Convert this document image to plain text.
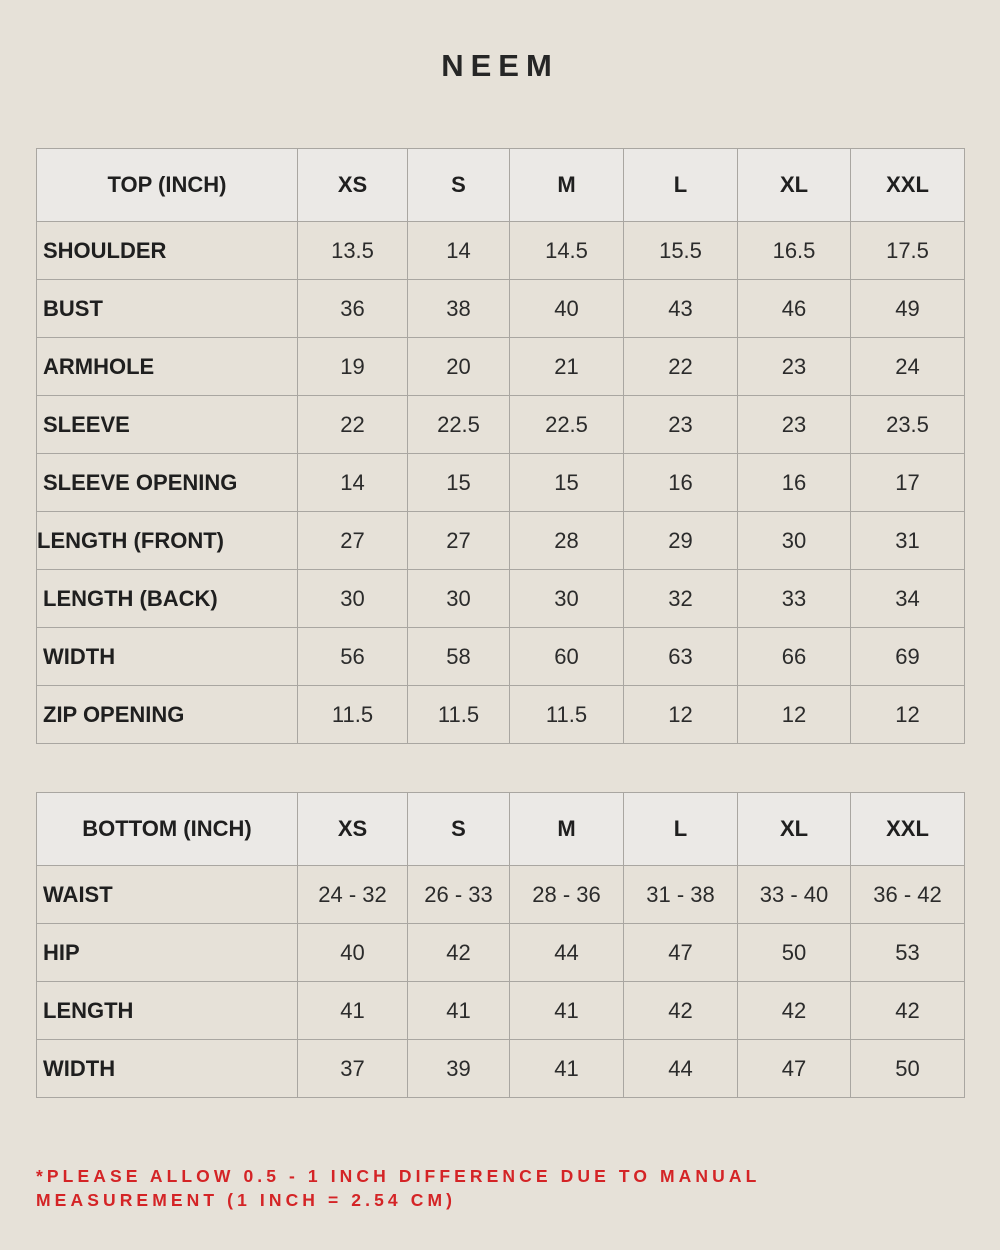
NEEM
TOP (INCH)	XS	S	M	L	XL	XXL
SHOULDER	13.5	14	14.5	15.5	16.5	17.5
BUST	36	38	40	43	46	49
ARMHOLE	19	20	21	22	23	24
SLEEVE	22	22.5	22.5	23	23	23.5
SLEEVE OPENING	14	15	15	16	16	17
LENGTH (FRONT)	27	27	28	29	30	31
LENGTH (BACK)	30	30	30	32	33	34
WIDTH	56	58	60	63	66	69
ZIP OPENING	11.5	11.5	11.5	12	12	12
BOTTOM (INCH)	XS	S	M	L	XL	XXL
WAIST	24 - 32	26 - 33	28 - 36	31 - 38	33 - 40	36 - 42
HIP	40	42	44	47	50	53
LENGTH	41	41	41	42	42	42
WIDTH	37	39	41	44	47	50
*PLEASE ALLOW 0.5 - 1 INCH DIFFERENCE DUE TO MANUAL
MEASUREMENT (1 INCH = 2.54 CM)
